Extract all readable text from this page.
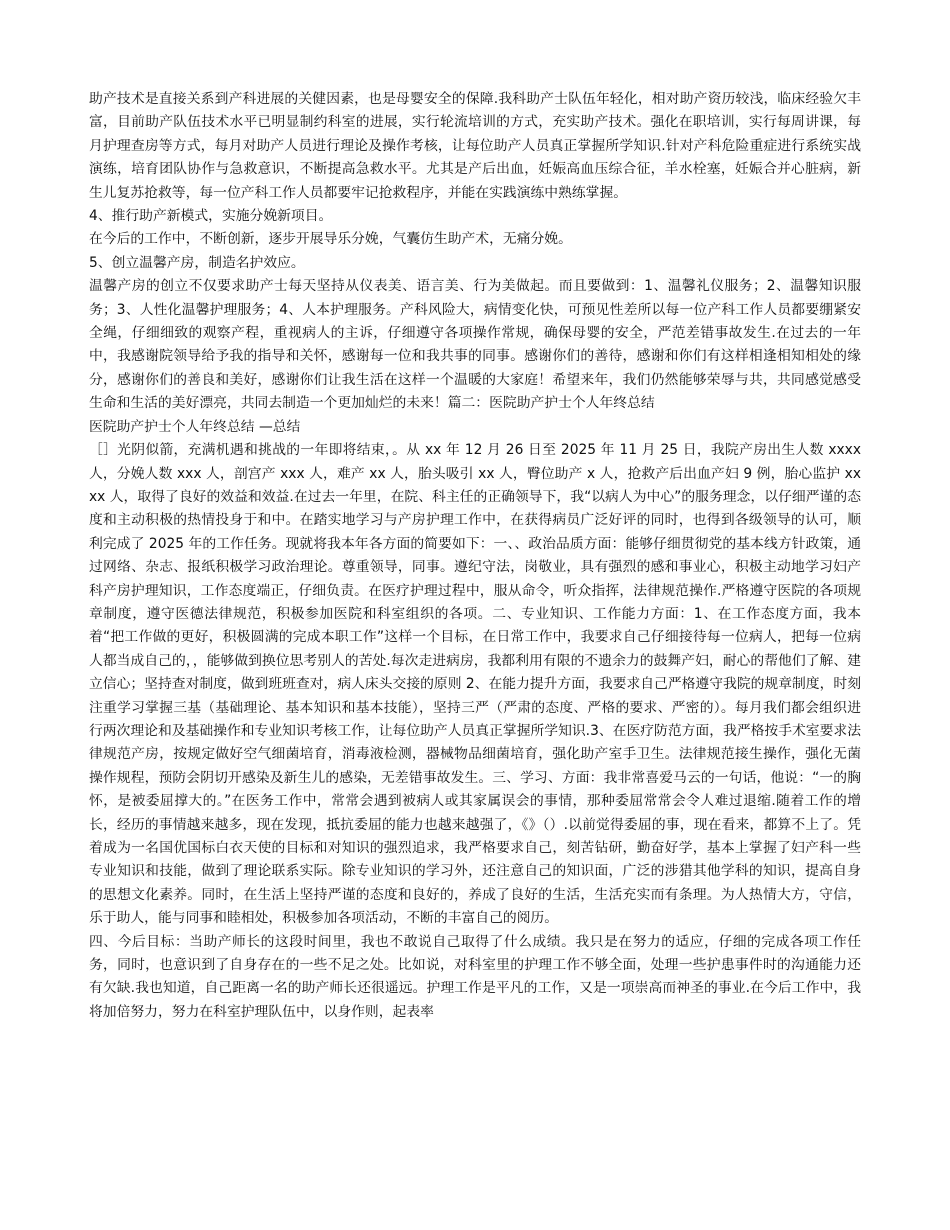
助产技术是直接关系到产科进展的关健因素，也是母婴安全的保障.我科助产士队伍年轻化，相对助产资历较浅，临床经验欠丰富，目前助产队伍技术水平已明显制约科室的进展，实行轮流培训的方式，充实助产技术。强化在职培训，实行每周讲课，每月护理查房等方式，每月对助产人员进行理论及操作考核，让每位助产人员真正掌握所学知识.针对产科危险重症进行系统实战演练，培育团队协作与急救意识，不断提高急救水平。尤其是产后出血，妊娠高血压综合征，羊水栓塞，妊娠合并心脏病，新生儿复苏抢救等，每一位产科工作人员都要牢记抢救程序，并能在实践演练中熟练掌握。

4、推行助产新模式，实施分娩新项目。

在今后的工作中，不断创新，逐步开展导乐分娩，气囊仿生助产术，无痛分娩。

5、创立温馨产房，制造名护效应。

温馨产房的创立不仅要求助产士每天坚持从仪表美、语言美、行为美做起。而且要做到：1、温馨礼仪服务；2、温馨知识服务；3、人性化温馨护理服务；4、人本护理服务。产科风险大，病情变化快，可预见性差所以每一位产科工作人员都要绷紧安全绳，仔细细致的观察产程，重视病人的主诉，仔细遵守各项操作常规，确保母婴的安全，严范差错事故发生.在过去的一年中，我感谢院领导给予我的指导和关怀，感谢每一位和我共事的同事。感谢你们的善待，感谢和你们有这样相逢相知相处的缘分，感谢你们的善良和美好，感谢你们让我生活在这样一个温暖的大家庭！希望来年，我们仍然能够荣辱与共，共同感觉感受生命和生活的美好漂亮，共同去制造一个更加灿烂的未来！篇二：医院助产护士个人年终总结

医院助产护士个人年终总结 —总结

［］光阴似箭，充满机遇和挑战的一年即将结束，。从 xx 年 12 月 26 日至 2025 年 11 月 25 日，我院产房出生人数 xxxx 人，分娩人数 xxx 人，剖宫产 xxx 人，难产 xx 人，胎头吸引 xx 人，臀位助产 x 人，抢救产后出血产妇 9 例，胎心监护 xxxx 人，取得了良好的效益和效益.在过去一年里，在院、科主任的正确领导下，我“以病人为中心”的服务理念，以仔细严谨的态度和主动积极的热情投身于和中。在踏实地学习与产房护理工作中，在获得病员广泛好评的同时，也得到各级领导的认可，顺利完成了 2025 年的工作任务。现就将我本年各方面的简要如下：一、、政治品质方面：能够仔细贯彻党的基本线方针政策，通过网络、杂志、报纸积极学习政治理论。尊重领导，同事。遵纪守法，岗敬业，具有强烈的感和事业心，积极主动地学习妇产科产房护理知识，工作态度端正，仔细负责。在医疗护理过程中，服从命令，听众指挥，法律规范操作.严格遵守医院的各项规章制度，遵守医德法律规范，积极参加医院和科室组织的各项。二、专业知识、工作能力方面：1、在工作态度方面，我本着“把工作做的更好，积极圆满的完成本职工作”这样一个目标，在日常工作中，我要求自己仔细接待每一位病人，把每一位病人都当成自己的，，能够做到换位思考别人的苦处.每次走进病房，我都利用有限的不遗余力的鼓舞产妇，耐心的帮他们了解、建立信心；坚持查对制度，做到班班查对，病人床头交接的原则 2、在能力提升方面，我要求自己严格遵守我院的规章制度，时刻注重学习掌握三基（基础理论、基本知识和基本技能），坚持三严（严肃的态度、严格的要求、严密的）。每月我们都会组织进行两次理论和及基础操作和专业知识考核工作，让每位助产人员真正掌握所学知识.3、在医疗防范方面，我严格按手术室要求法律规范产房，按规定做好空气细菌培育，消毒液检测，器械物品细菌培育，强化助产室手卫生。法律规范接生操作，强化无菌操作规程，预防会阴切开感染及新生儿的感染，无差错事故发生。三、学习、方面：我非常喜爱马云的一句话，他说：“一的胸怀，是被委屈撑大的。”在医务工作中，常常会遇到被病人或其家属误会的事情，那种委屈常常会令人难过退缩.随着工作的增长，经历的事情越来越多，现在发现，抵抗委屈的能力也越来越强了，《》（）.以前觉得委屈的事，现在看来，都算不上了。凭着成为一名国优国标白衣天使的目标和对知识的强烈追求，我严格要求自己，刻苦钻研，勤奋好学，基本上掌握了妇产科一些专业知识和技能，做到了理论联系实际。除专业知识的学习外，还注意自己的知识面，广泛的涉猎其他学科的知识，提高自身的思想文化素养。同时，在生活上坚持严谨的态度和良好的，养成了良好的生活，生活充实而有条理。为人热情大方，守信，乐于助人，能与同事和睦相处，积极参加各项活动，不断的丰富自己的阅历。

四、今后目标：当助产师长的这段时间里，我也不敢说自己取得了什么成绩。我只是在努力的适应，仔细的完成各项工作任务，同时，也意识到了自身存在的一些不足之处。比如说，对科室里的护理工作不够全面，处理一些护患事件时的沟通能力还有欠缺.我也知道，自己距离一名的助产师长还很遥远。护理工作是平凡的工作，又是一项崇高而神圣的事业.在今后工作中，我将加倍努力，努力在科室护理队伍中，以身作则，起表率
